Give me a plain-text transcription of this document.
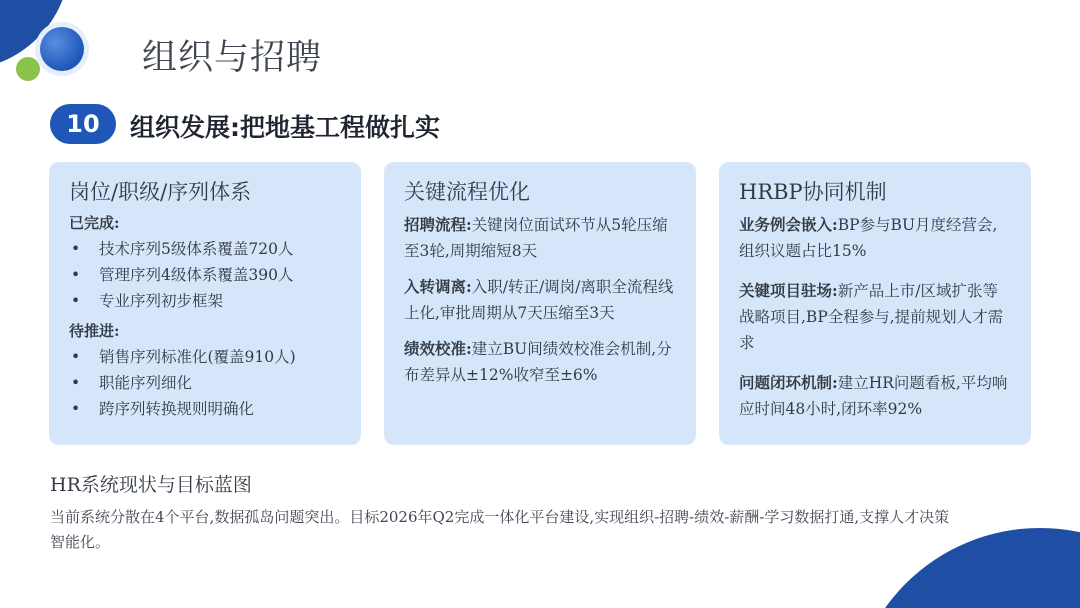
组织与招聘
10	组织发展:把地基工程做扎实
岗位/职级/序列体系
已完成:
• 技术序列5级体系覆盖720人
• 管理序列4级体系覆盖390人
• 专业序列初步框架
待推进:
• 销售序列标准化(覆盖910人)
• 职能序列细化
• 跨序列转换规则明确化
关键流程优化

招聘流程:关键岗位面试环节从5轮压缩至3轮,周期缩短8天

入转调离:入职/转正/调岗/离职全流程线上化,审批周期从7天压缩至3天

绩效校准:建立BU间绩效校准会机制,分布差异从±12%收窄至±6%

HRBP协同机制

业务例会嵌入:BP参与BU月度经营会,组织议题占比15%

关键项目驻场:新产品上市/区域扩张等战略项目,BP全程参与,提前规划人才需求

问题闭环机制:建立HR问题看板,平均响应时间48小时,闭环率92%

HR系统现状与目标蓝图
当前系统分散在4个平台,数据孤岛问题突出。目标2026年Q2完成一体化平台建设,实现组织-招聘-绩效-薪酬-学习数据打通,支撑人才决策智能化。
